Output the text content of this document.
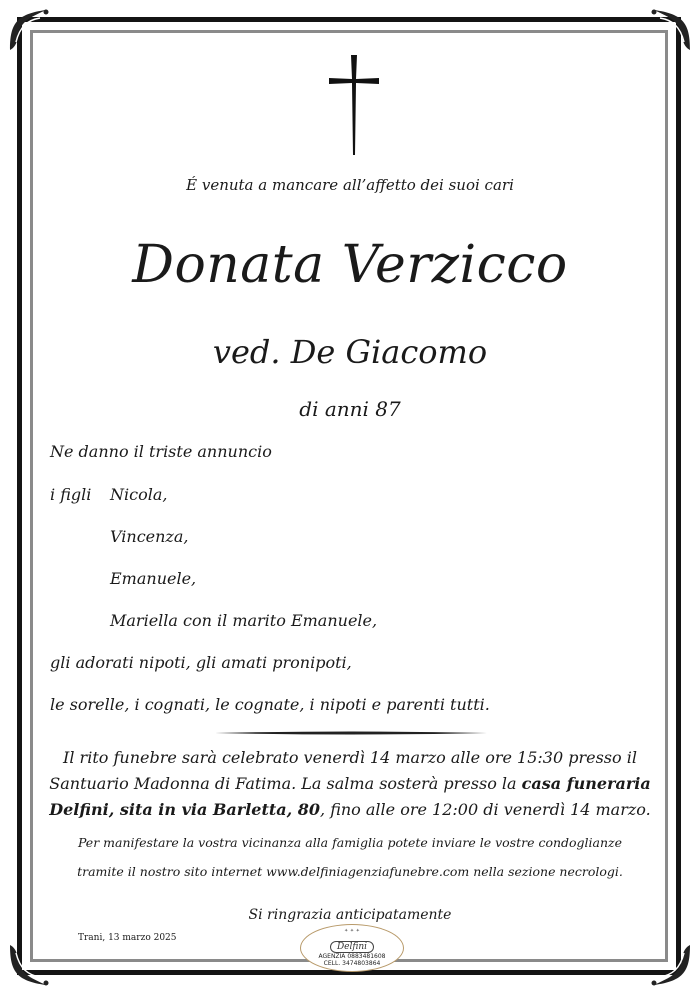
É venuta a mancare all’affetto dei suoi cari
Donata Verzicco
ved. De Giacomo
di anni 87
Ne danno il triste annuncio
i figli Nicola,
Vincenza,
Emanuele,
Mariella con il marito Emanuele,
gli adorati nipoti, gli amati pronipoti,
le sorelle, i cognati, le cognate, i nipoti e parenti tutti.
Il rito funebre sarà celebrato venerdì 14 marzo alle ore 15:30 presso il
Santuario Madonna di Fatima. La salma sosterà presso la casa funeraria
Delfini, sita in via Barletta, 80, fino alle ore 12:00 di venerdì 14 marzo.
Per manifestare la vostra vicinanza alla famiglia potete inviare le vostre condoglianze
tramite il nostro sito internet www.delfiniagenziafunebre.com nella sezione necrologi.
Si ringrazia anticipatamente
Trani, 13 marzo 2025
✦ ✦ ✦
Delfini
AGENZIA 0883481608
CELL. 3474803864
